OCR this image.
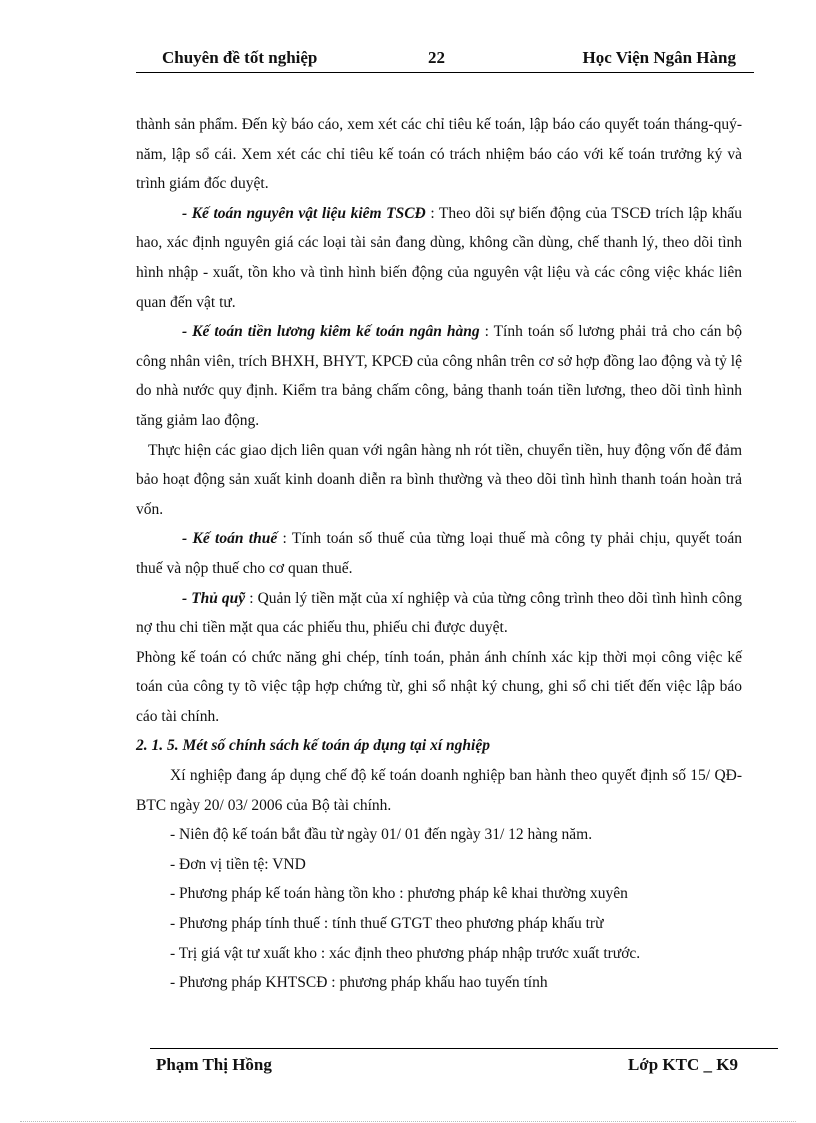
Chuyên đề tốt nghiệp	22	Học Viện Ngân Hàng

thành sản phẩm. Đến kỳ báo cáo, xem xét các chỉ tiêu kế toán, lập báo cáo quyết toán tháng-quý-năm, lập sổ cái. Xem xét các chỉ tiêu kế toán có trách nhiệm báo cáo với kế toán trưởng ký và trình giám đốc duyệt.

- Kế toán nguyên vật liệu kiêm TSCĐ : Theo dõi sự biến động của TSCĐ trích lập khấu hao, xác định nguyên giá các loại tài sản đang dùng, không cần dùng, chế thanh lý, theo dõi tình hình nhập - xuất, tồn kho và tình hình biến động của nguyên vật liệu và các công việc khác liên quan đến vật tư.

- Kế toán tiền lương kiêm kế toán ngân hàng : Tính toán số lương phải trả cho cán bộ công nhân viên, trích BHXH, BHYT, KPCĐ của công nhân trên cơ sở hợp đồng lao động và tỷ lệ do nhà nước quy định. Kiểm tra bảng chấm công, bảng thanh toán tiền lương, theo dõi tình hình tăng giảm lao động.

Thực hiện các giao dịch liên quan với ngân hàng nh rót tiền, chuyển tiền, huy động vốn để đảm bảo hoạt động sản xuất kinh doanh diễn ra bình thường và theo dõi tình hình thanh toán hoàn trả vốn.

- Kế toán thuế : Tính toán số thuế của từng loại thuế mà công ty phải chịu, quyết toán thuế và nộp thuế cho cơ quan thuế.

- Thủ quỹ : Quản lý tiền mặt của xí nghiệp và của từng công trình theo dõi tình hình công nợ thu chi tiền mặt qua các phiếu thu, phiếu chi được duyệt.

Phòng kế toán có chức năng ghi chép, tính toán, phản ánh chính xác kịp thời mọi công việc kế toán của công ty tõ việc tập hợp chứng từ, ghi sổ nhật ký chung, ghi sổ chi tiết đến việc lập báo cáo tài chính.

2. 1. 5. Mét số chính sách kế toán áp dụng tại xí nghiệp

Xí nghiệp đang áp dụng chế độ kế toán doanh nghiệp ban hành theo quyết định số 15/ QĐ-BTC ngày 20/ 03/ 2006 của Bộ tài chính.

- Niên độ kế toán bắt đầu từ ngày 01/ 01 đến ngày 31/ 12 hàng năm.

- Đơn vị tiền tệ: VND

- Phương pháp kế toán hàng tồn kho : phương pháp kê khai thường xuyên

- Phương pháp tính thuế : tính thuế GTGT theo phương pháp khấu trừ

- Trị giá vật tư xuất kho : xác định theo phương pháp nhập trước xuất trước.

- Phương pháp KHTSCĐ : phương pháp khấu hao tuyến tính

Phạm Thị Hồng	Lớp KTC _ K9
